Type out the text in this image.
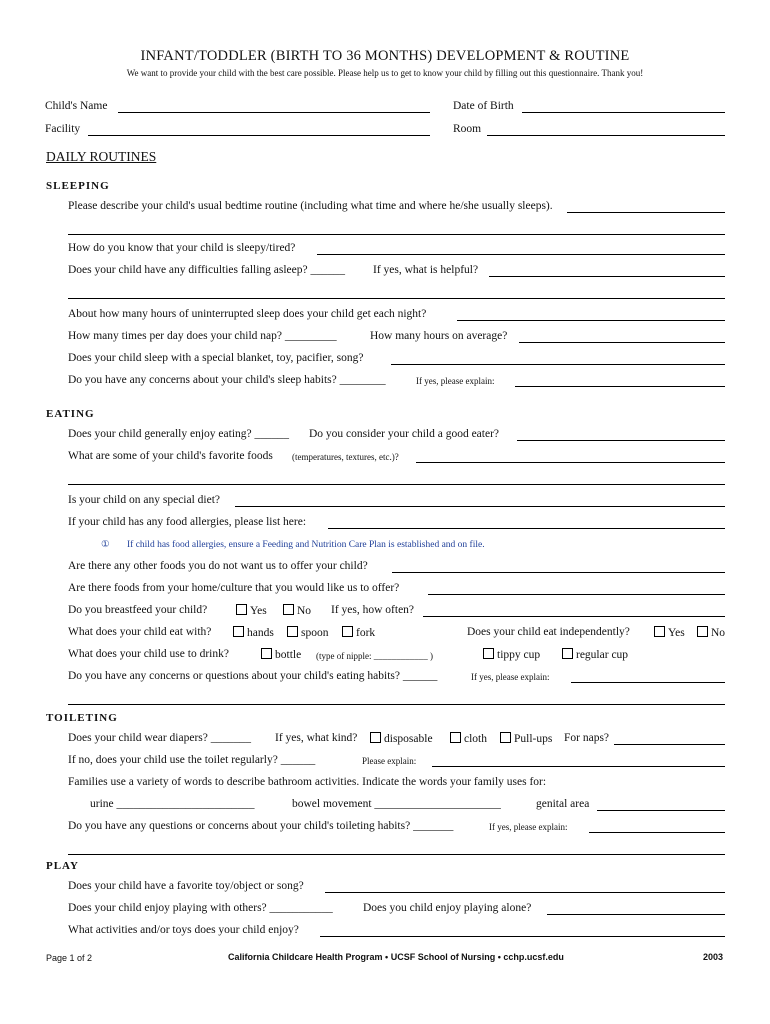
INFANT/TODDLER (BIRTH TO 36 MONTHS) DEVELOPMENT & ROUTINE
We want to provide your child with the best care possible. Please help us to get to know your child by filling out this questionnaire. Thank you!
Child's Name	Date of Birth
Facility	Room
DAILY ROUTINES
SLEEPING
Please describe your child's usual bedtime routine (including what time and where he/she usually sleeps).
How do you know that your child is sleepy/tired?
Does your child have any difficulties falling asleep? ______ If yes, what is helpful?
About how many hours of uninterrupted sleep does your child get each night?
How many times per day does your child nap? _________	How many hours on average?
Does your child sleep with a special blanket, toy, pacifier, song?
Do you have any concerns about your child's sleep habits? ________	If yes, please explain:
EATING
Does your child generally enjoy eating? ______ Do you consider your child a good eater?
What are some of your child's favorite foods (temperatures, textures, etc.)?
Is your child on any special diet?
If your child has any food allergies, please list here:
① If child has food allergies, ensure a Feeding and Nutrition Care Plan is established and on file.
Are there any other foods you do not want us to offer your child?
Are there foods from your home/culture that you would like us to offer?
Do you breastfeed your child?	Yes	No If yes, how often?
What does your child eat with?	hands	spoon	fork	Does your child eat independently?	Yes	No
What does your child use to drink?	bottle (type of nipple: ____________ )	tippy cup	regular cup
Do you have any concerns or questions about your child's eating habits? ______	If yes, please explain:
TOILETING
Does your child wear diapers? _______ If yes, what kind?	disposable	cloth	Pull-ups For naps?
If no, does your child use the toilet regularly? ______	Please explain:
Families use a variety of words to describe bathroom activities. Indicate the words your family uses for:
urine ________________________	bowel movement ______________________	genital area
Do you have any questions or concerns about your child's toileting habits? _______	If yes, please explain:
PLAY
Does your child have a favorite toy/object or song?
Does your child enjoy playing with others? ___________	Does you child enjoy playing alone?
What activities and/or toys does your child enjoy?
Page 1 of 2	California Childcare Health Program • UCSF School of Nursing • cchp.ucsf.edu	2003
